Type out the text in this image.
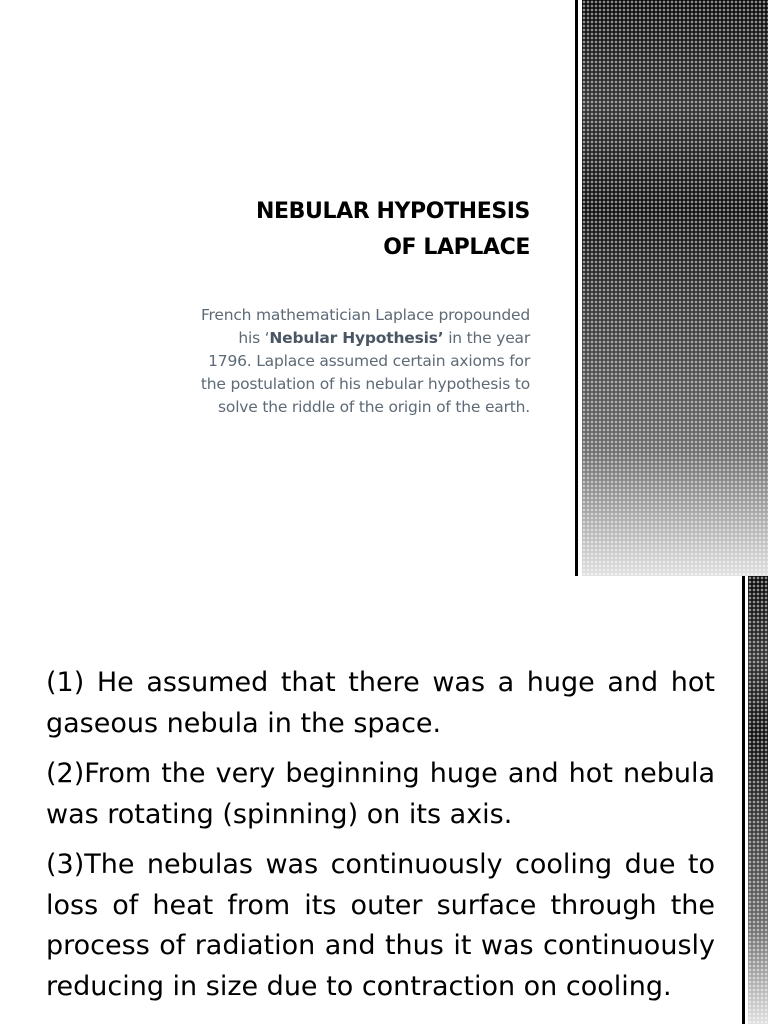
NEBULAR HYPOTHESIS
OF LAPLACE

French mathematician Laplace propounded his ‘Nebular Hypothesis’ in the year 1796. Laplace assumed certain axioms for the postulation of his nebular hypothesis to solve the riddle of the origin of the earth.

(1) He assumed that there was a huge and hot gaseous nebula in the space.
(2)From the very beginning huge and hot nebula was rotating (spinning) on its axis.
(3)The nebulas was continuously cooling due to loss of heat from its outer surface through the process of radiation and thus it was continuously reducing in size due to contraction on cooling.
